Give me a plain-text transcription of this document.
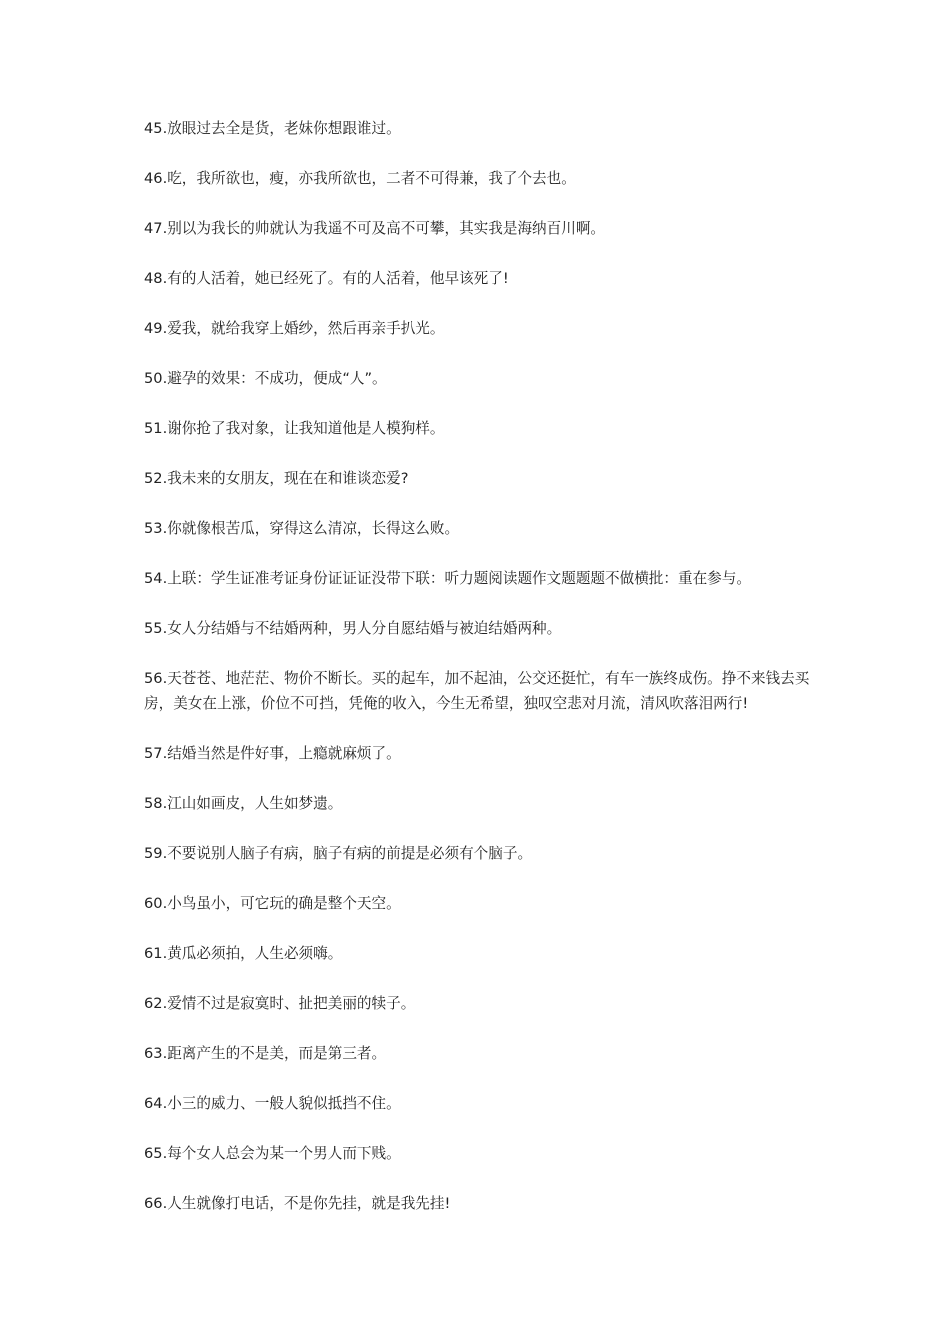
45.放眼过去全是货，老妹你想跟谁过。

46.吃，我所欲也，瘦，亦我所欲也，二者不可得兼，我了个去也。

47.别以为我长的帅就认为我遥不可及高不可攀，其实我是海纳百川啊。

48.有的人活着，她已经死了。有的人活着，他早该死了!

49.爱我，就给我穿上婚纱，然后再亲手扒光。

50.避孕的效果：不成功，便成“人”。

51.谢你抢了我对象，让我知道他是人模狗样。

52.我未来的女朋友，现在在和谁谈恋爱?

53.你就像根苦瓜，穿得这么清凉，长得这么败。

54.上联：学生证准考证身份证证证没带下联：听力题阅读题作文题题题不做横批：重在参与。

55.女人分结婚与不结婚两种，男人分自愿结婚与被迫结婚两种。

56.天苍苍、地茫茫、物价不断长。买的起车，加不起油，公交还挺忙，有车一族终成伤。挣不来钱去买房，美女在上涨，价位不可挡，凭俺的收入，今生无希望，独叹空悲对月流，清风吹落泪两行!

57.结婚当然是件好事，上瘾就麻烦了。

58.江山如画皮，人生如梦遗。

59.不要说别人脑子有病，脑子有病的前提是必须有个脑子。

60.小鸟虽小，可它玩的确是整个天空。

61.黄瓜必须拍，人生必须嗨。

62.爱情不过是寂寞时、扯把美丽的犊子。

63.距离产生的不是美，而是第三者。

64.小三的威力、一般人貌似抵挡不住。

65.每个女人总会为某一个男人而下贱。

66.人生就像打电话，不是你先挂，就是我先挂!
